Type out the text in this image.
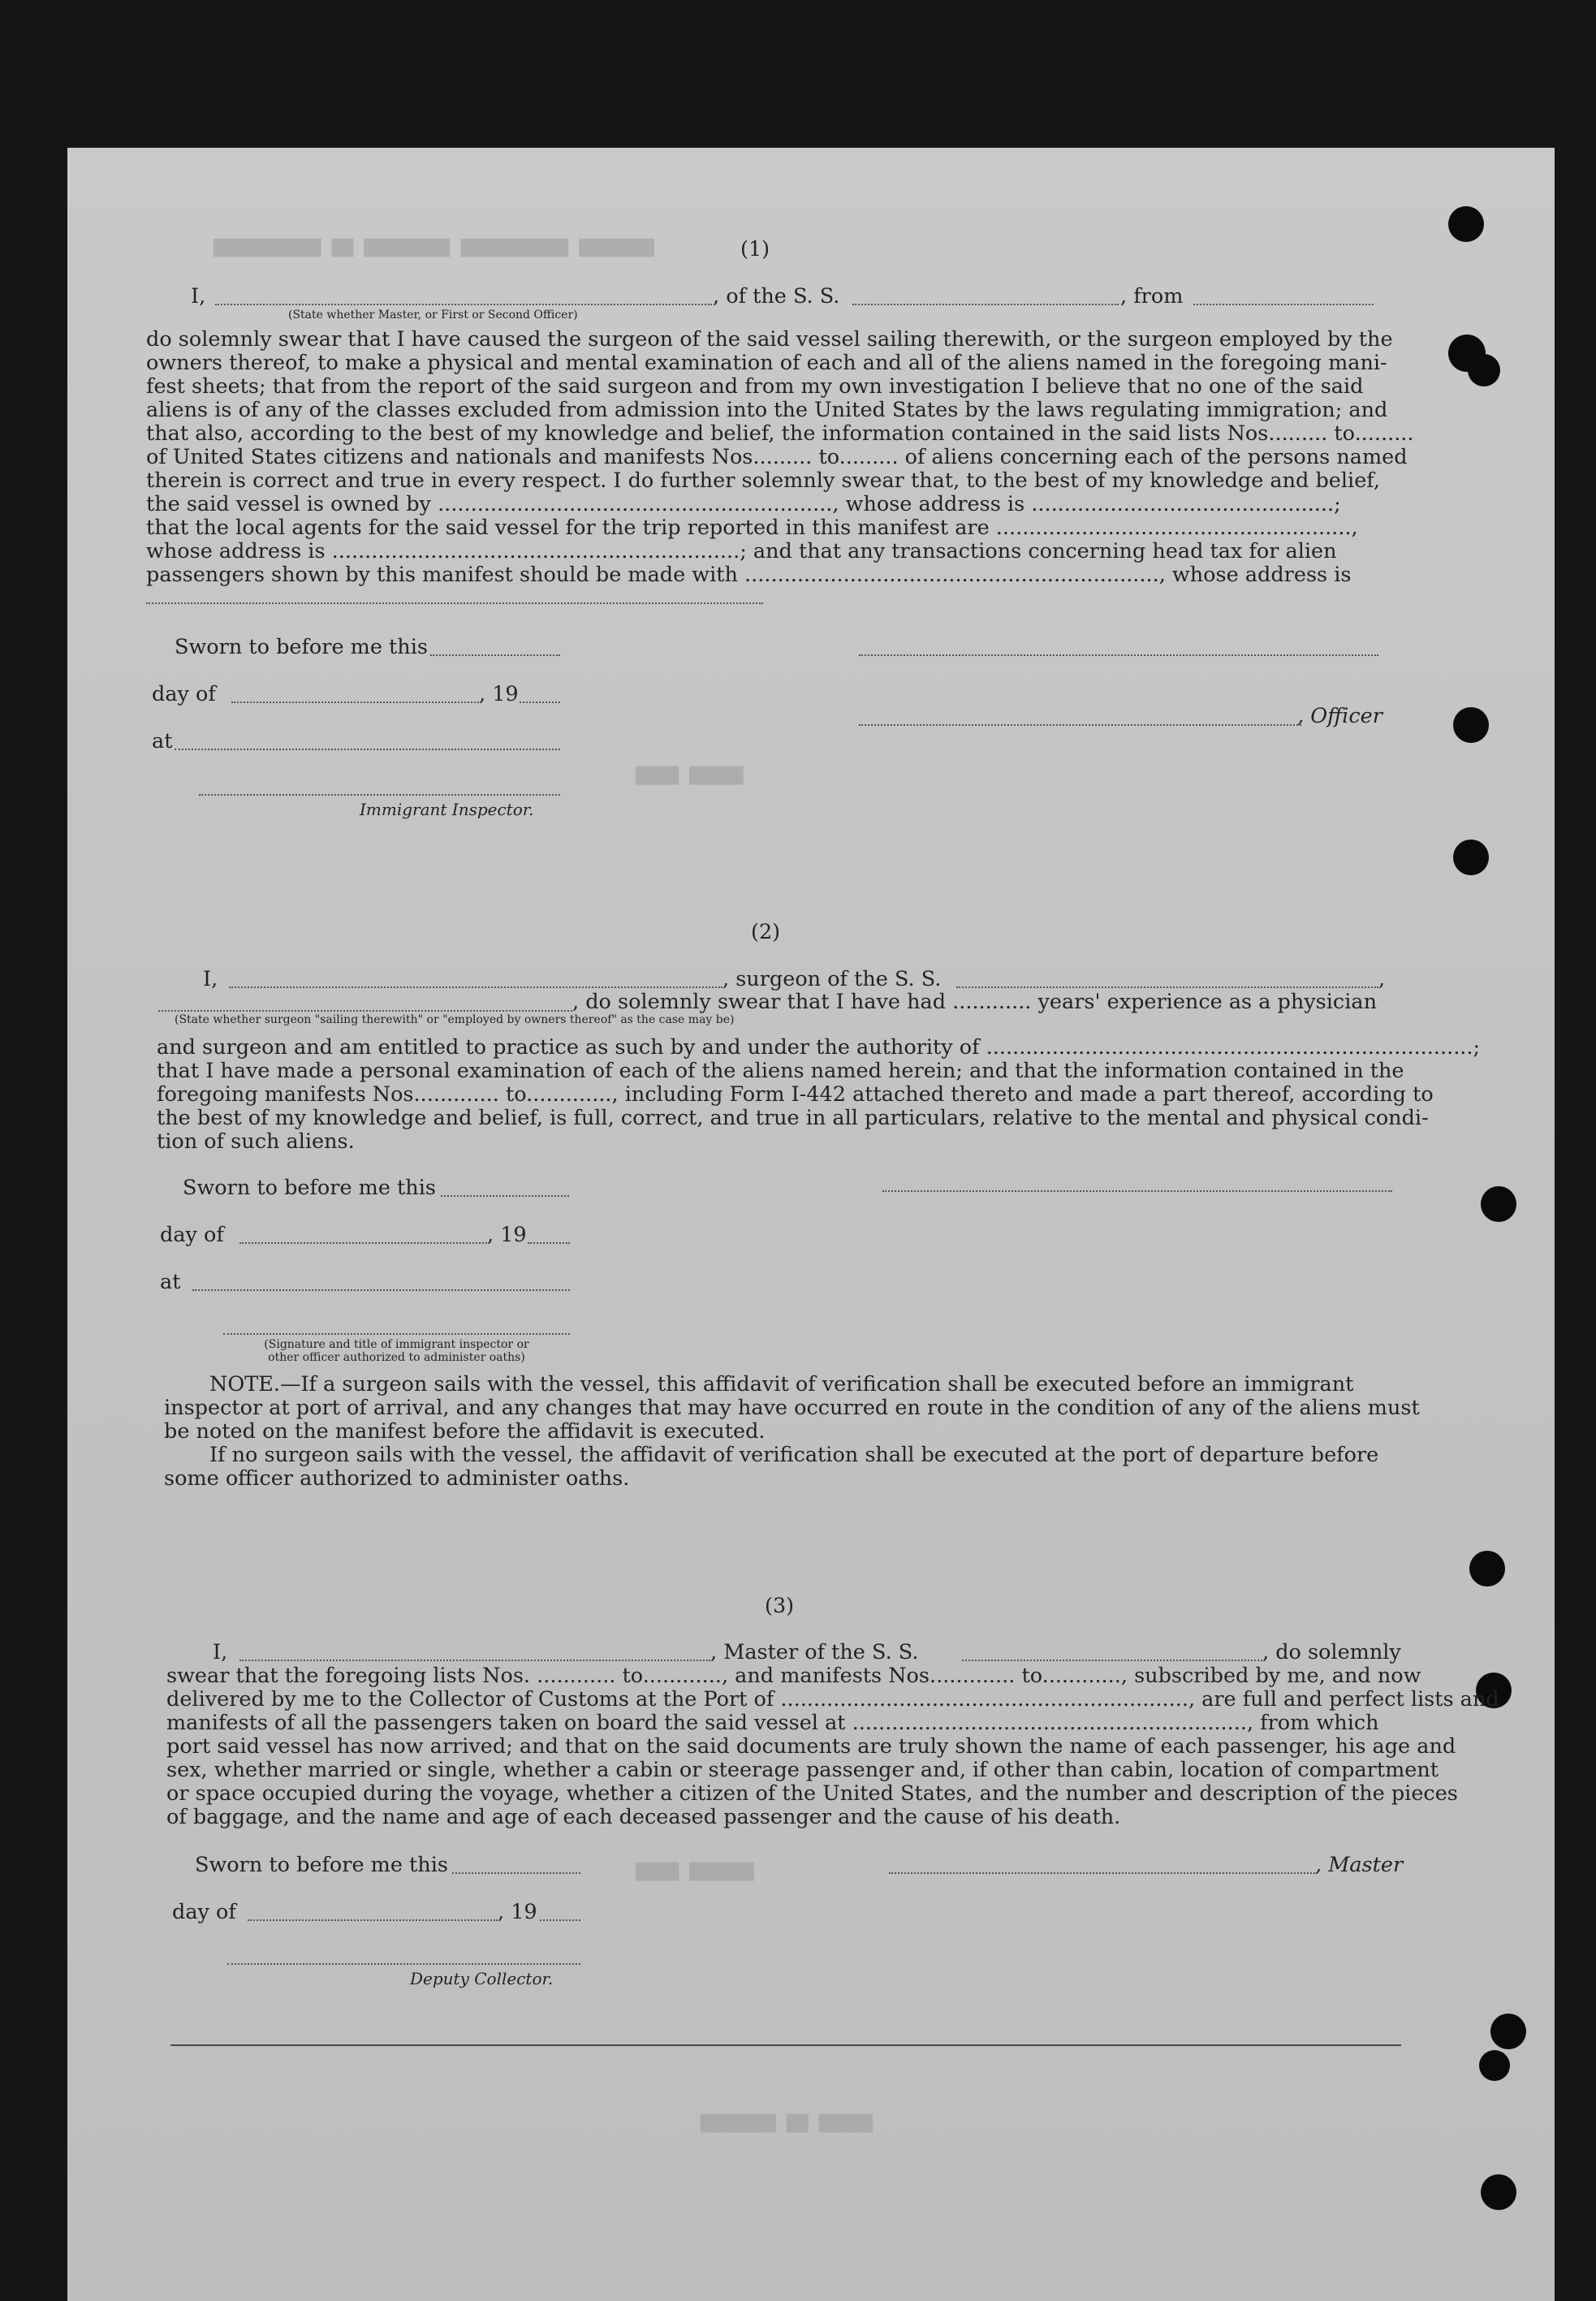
▇▇▇▇▇▇▇▇▇▇ ▇▇ ▇▇▇▇▇▇▇▇ ▇▇▇▇▇▇▇▇▇▇ ▇▇▇▇▇▇▇
▇▇▇▇ ▇▇▇▇▇
▇▇▇▇ ▇▇▇▇▇▇
▇▇▇▇▇▇▇ ▇▇ ▇▇▇▇▇
(1)
I,	, of the S. S.	, from
(State whether Master, or First or Second Officer)
do solemnly swear that I have caused the surgeon of the said vessel sailing therewith, or the surgeon employed by the
owners thereof, to make a physical and mental examination of each and all of the aliens named in the foregoing mani-
fest sheets; that from the report of the said surgeon and from my own investigation I believe that no one of the said
aliens is of any of the classes excluded from admission into the United States by the laws regulating immigration; and
that also, according to the best of my knowledge and belief, the information contained in the said lists Nos......... to.........
of United States citizens and nationals and manifests Nos......... to......... of aliens concerning each of the persons named
therein is correct and true in every respect. I do further solemnly swear that, to the best of my knowledge and belief,
the said vessel is owned by ............................................................, whose address is ..............................................;
that the local agents for the said vessel for the trip reported in this manifest are ......................................................,
whose address is ..............................................................; and that any transactions concerning head tax for alien
passengers shown by this manifest should be made with ..............................................................., whose address is
Sworn to before me this
day of	, 19
, Officer
at
Immigrant Inspector.
(2)
I,	, surgeon of the S. S.	,
, do solemnly swear that I have had ............ years' experience as a physician
(State whether surgeon "sailing therewith" or "employed by owners thereof" as the case may be)
and surgeon and am entitled to practice as such by and under the authority of ..........................................................................;
that I have made a personal examination of each of the aliens named herein; and that the information contained in the
foregoing manifests Nos............. to............., including Form I-442 attached thereto and made a part thereof, according to
the best of my knowledge and belief, is full, correct, and true in all particulars, relative to the mental and physical condi-
tion of such aliens.
Sworn to before me this
day of	, 19
at
(Signature and title of immigrant inspector or
other officer authorized to administer oaths)
NOTE.—If a surgeon sails with the vessel, this affidavit of verification shall be executed before an immigrant
inspector at port of arrival, and any changes that may have occurred en route in the condition of any of the aliens must
be noted on the manifest before the affidavit is executed.
If no surgeon sails with the vessel, the affidavit of verification shall be executed at the port of departure before
some officer authorized to administer oaths.
(3)
I,	, Master of the S. S.	, do solemnly
swear that the foregoing lists Nos. ............ to............, and manifests Nos............. to............, subscribed by me, and now
delivered by me to the Collector of Customs at the Port of .............................................................., are full and perfect lists and
manifests of all the passengers taken on board the said vessel at ............................................................, from which
port said vessel has now arrived; and that on the said documents are truly shown the name of each passenger, his age and
sex, whether married or single, whether a cabin or steerage passenger and, if other than cabin, location of compartment
or space occupied during the voyage, whether a citizen of the United States, and the number and description of the pieces
of baggage, and the name and age of each deceased passenger and the cause of his death.
Sworn to before me this	, Master
day of	, 19
Deputy Collector.
